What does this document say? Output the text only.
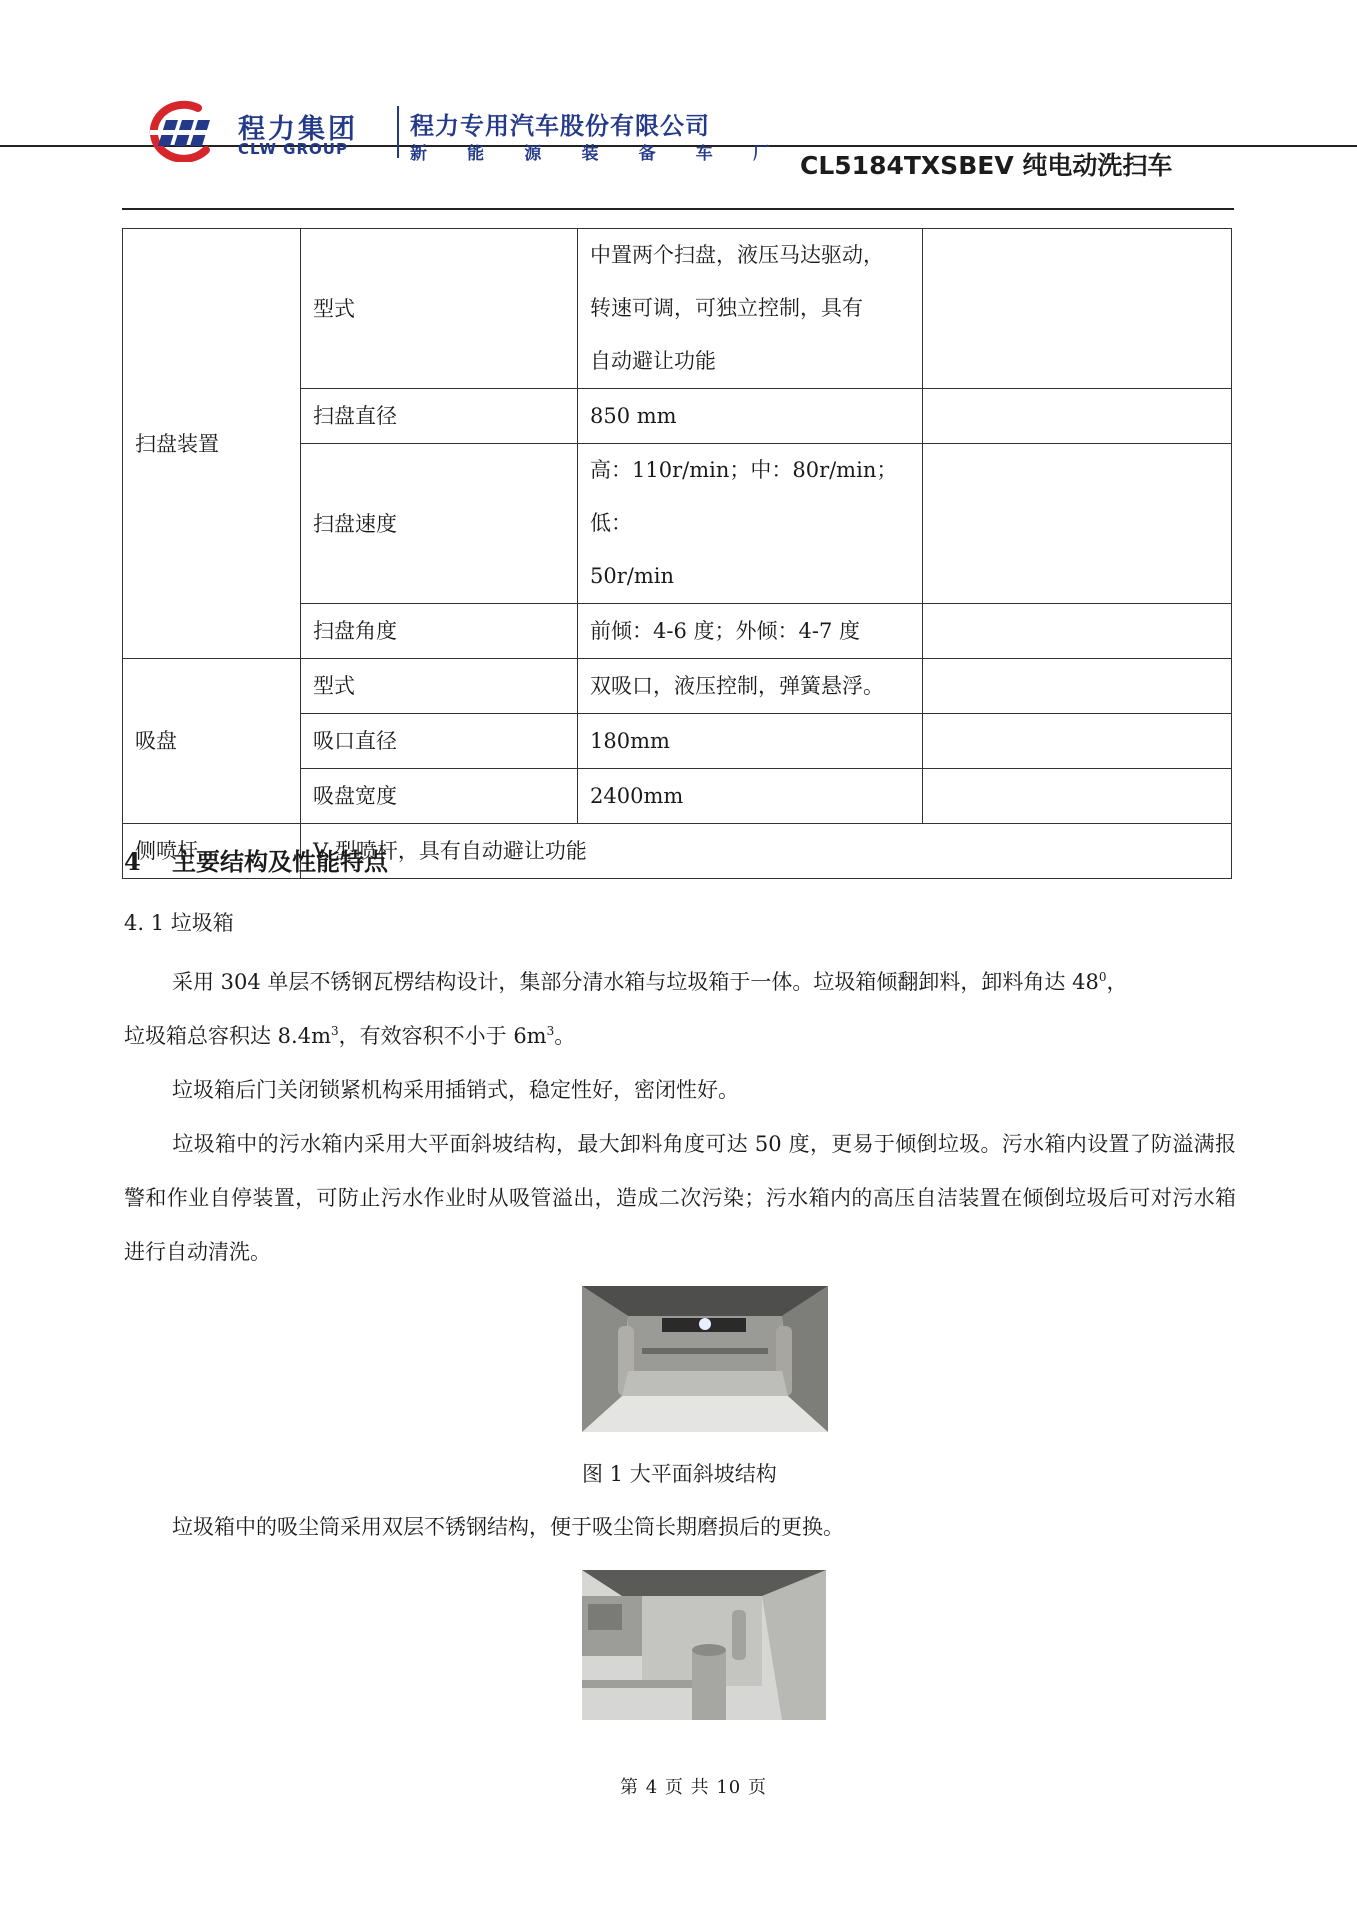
程力集团
CLW GROUP
程力专用汽车股份有限公司
新 能 源 装 备 车 厂 CL5184TXSBEV 纯电动洗扫车
扫盘装置	型式	中置两个扫盘，液压马达驱动，
转速可调，可独立控制，具有
自动避让功能	

	扫盘直径	850 mm	
	扫盘速度	高：110r/min；中：80r/min；低：
50r/min	

	扫盘角度	前倾：4-6 度；外倾：4-7 度	
吸盘	型式	双吸口，液压控制，弹簧悬浮。	
	吸口直径	180mm	
	吸盘宽度	2400mm	
侧喷杆	V 型喷杆，具有自动避让功能		
4 主要结构及性能特点
4. 1 垃圾箱
采用 304 单层不锈钢瓦楞结构设计，集部分清水箱与垃圾箱于一体。垃圾箱倾翻卸料，卸料角达 $48^0$，
垃圾箱总容积达 $8.4m^3$，有效容积不小于 $6m^3$。
垃圾箱后门关闭锁紧机构采用插销式，稳定性好，密闭性好。
垃圾箱中的污水箱内采用大平面斜坡结构，最大卸料角度可达 50 度，更易于倾倒垃圾。污水箱内设置了防溢满报警和作业自停装置，可防止污水作业时从吸管溢出，造成二次污染；污水箱内的高压自洁装置在倾倒垃圾后可对污水箱进行自动清洗。
图 1 大平面斜坡结构
垃圾箱中的吸尘筒采用双层不锈钢结构，便于吸尘筒长期磨损后的更换。
第 4 页 共 10 页
